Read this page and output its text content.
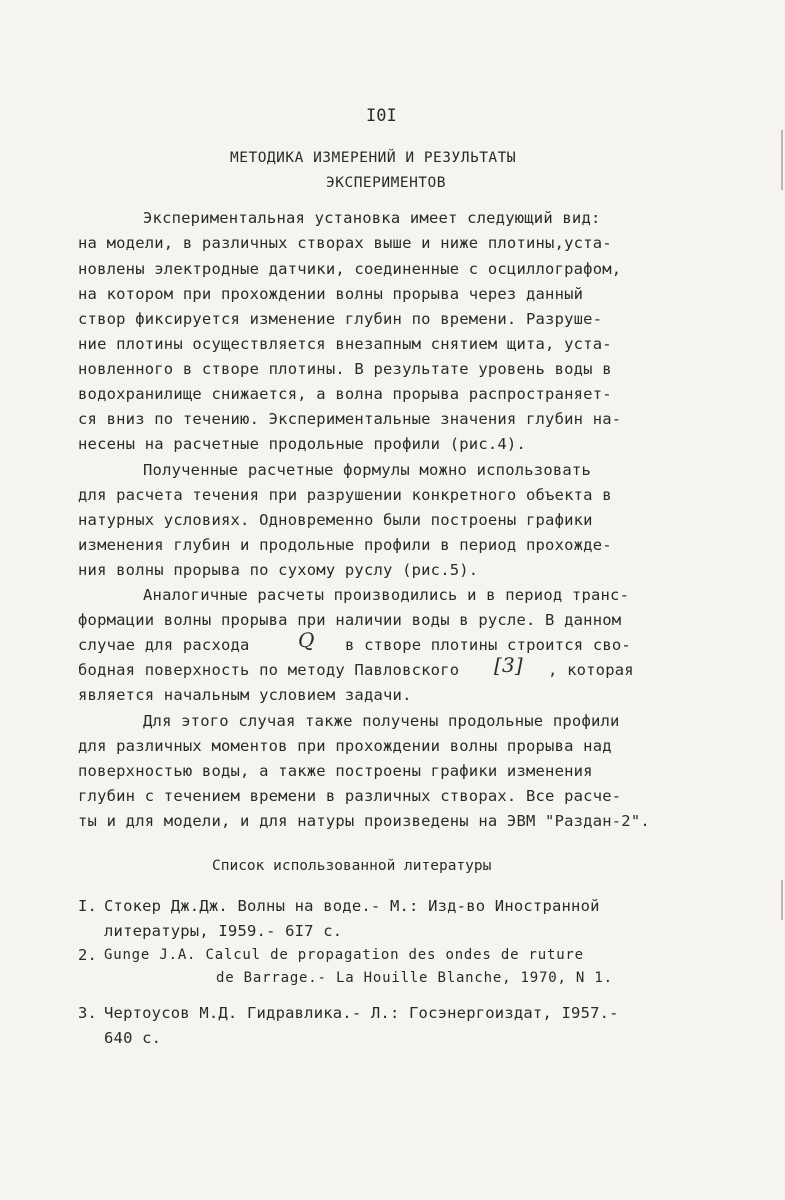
I0I
МЕТОДИКА ИЗМЕРЕНИЙ И РЕЗУЛЬТАТЫ
ЭКСПЕРИМЕНТОВ
Экспериментальная установка имеет следующий вид:
на модели, в различных створах выше и ниже плотины,уста-
новлены электродные датчики, соединенные с осциллографом,
на котором при прохождении волны прорыва через данный
створ фиксируется изменение глубин по времени. Разруше-
ние плотины осуществляется внезапным снятием щита, уста-
новленного в створе плотины. В результате уровень воды в
водохранилище снижается, а волна прорыва распространяет-
ся вниз по течению. Экспериментальные значения глубин на-
несены на расчетные продольные профили (рис.4).
Полученные расчетные формулы можно использовать
для расчета течения при разрушении конкретного объекта в
натурных условиях. Одновременно были построены графики
изменения глубин и продольные профили в период прохожде-
ния волны прорыва по сухому руслу (рис.5).
Аналогичные расчеты производились и в период транс-
формации волны прорыва при наличии воды в русле. В данном
случае для расхода Q в створе плотины строится сво-
бодная поверхность по методу Павловского [3] , которая
является начальным условием задачи.
Для этого случая также получены продольные профили
для различных моментов при прохождении волны прорыва над
поверхностью воды, а также построены графики изменения
глубин с течением времени в различных створах. Все расче-
ты и для модели, и для натуры произведены на ЭВМ "Раздан-2".
Список использованной литературы
I. Стокер Дж.Дж. Волны на воде.- М.: Изд-во Иностранной
литературы, I959.- 6I7 с.
2. Gunge J.A. Calcul de propagation des ondes de ruture
de Barrage.- La Houille Blanche, 1970, N 1.
3. Чертоусов М.Д. Гидравлика.- Л.: Госэнергоиздат, I957.-
640 с.
